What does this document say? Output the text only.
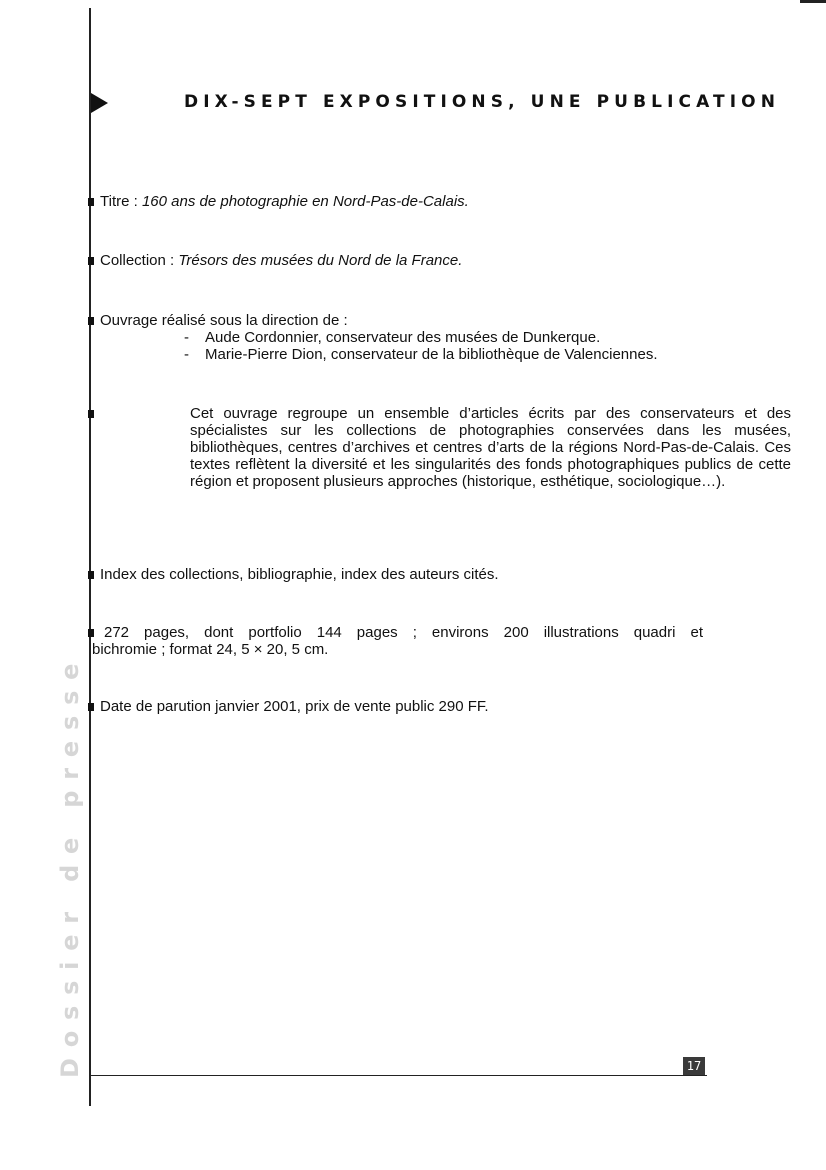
DIX-SEPT EXPOSITIONS, UNE PUBLICATION
Titre : 160 ans de photographie en Nord-Pas-de-Calais.
Collection : Trésors des musées du Nord de la France.
Ouvrage réalisé sous la direction de :
- Aude Cordonnier, conservateur des musées de Dunkerque.
- Marie-Pierre Dion, conservateur de la bibliothèque de Valenciennes.
Cet ouvrage regroupe un ensemble d’articles écrits par des conservateurs et des spécialistes sur les collections de photographies conservées dans les musées, bibliothèques, centres d’archives et centres d’arts de la régions Nord-Pas-de-Calais. Ces textes reflètent la diversité et les singularités des fonds photographiques publics de cette région et proposent plusieurs approches (historique, esthétique, sociologique…).
Index des collections, bibliographie, index des auteurs cités.
272 pages, dont portfolio 144 pages ; environs 200 illustrations quadri et
bichromie ; format 24, 5 × 20, 5 cm.
Date de parution janvier 2001, prix de vente public 290 FF.
Dossier de presse	17
